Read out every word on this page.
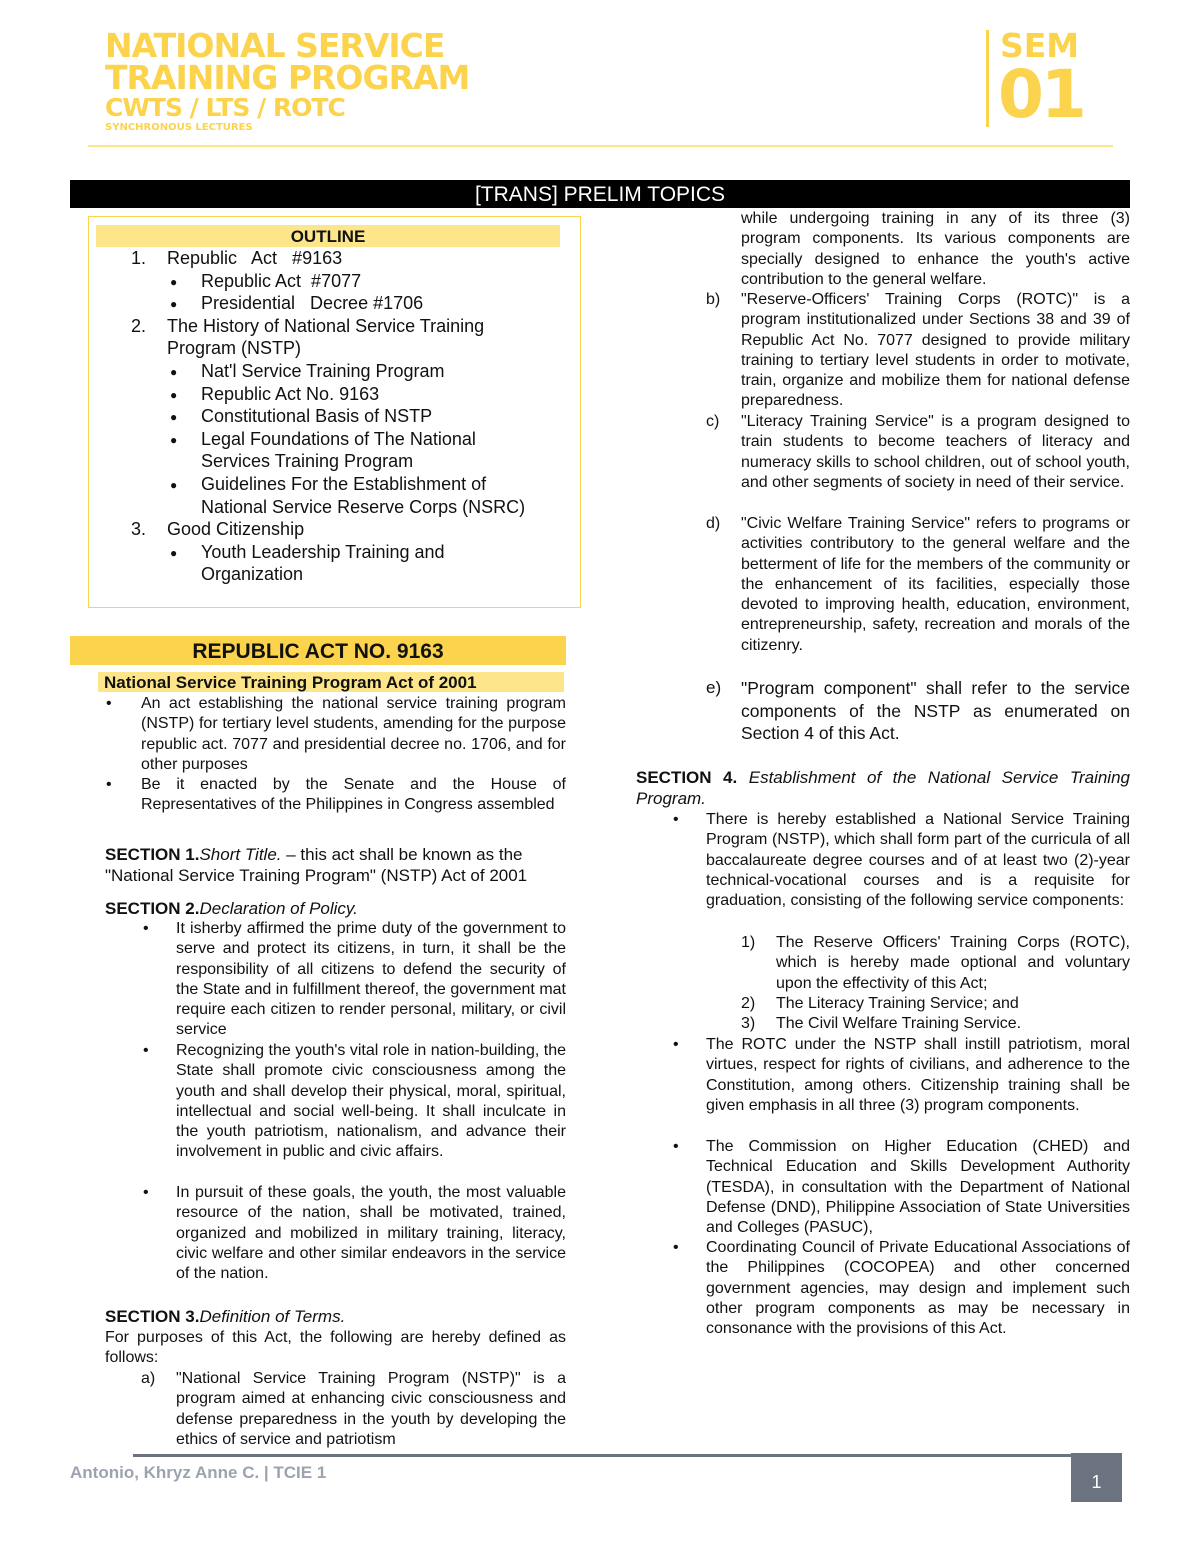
NATIONAL SERVICE
TRAINING PROGRAM
CWTS / LTS / ROTC
SYNCHRONOUS LECTURES
SEM
01
[TRANS] PRELIM TOPICS
OUTLINE
1. Republic   Act   #9163
● Republic Act  #7077
● Presidential   Decree #1706
2. The History of National Service Training
Program (NSTP)
● Nat'l Service Training Program
● Republic Act No. 9163
● Constitutional Basis of NSTP
● Legal Foundations of The National
Services Training Program
● Guidelines For the Establishment of
National Service Reserve Corps (NSRC)
3. Good Citizenship
● Youth Leadership Training and
Organization
REPUBLIC ACT NO. 9163
National Service Training Program Act of 2001
• An act establishing the national service training program (NSTP) for tertiary level students, amending for the purpose republic act. 7077 and presidential decree no. 1706, and for other purposes
• Be it enacted by the Senate and the House of Representatives of the Philippines in Congress assembled
SECTION 1.Short Title. – this act shall be known as the "National Service Training Program" (NSTP) Act of 2001
SECTION 2.Declaration of Policy.
• It isherby affirmed the prime duty of the government to serve and protect its citizens, in turn, it shall be the responsibility of all citizens to defend the security of the State and in fulfillment thereof, the government mat require each citizen to render personal, military, or civil service
• Recognizing the youth's vital role in nation-building, the State shall promote civic consciousness among the youth and shall develop their physical, moral, spiritual, intellectual and social well-being. It shall inculcate in the youth patriotism, nationalism, and advance their involvement in public and civic affairs.
• In pursuit of these goals, the youth, the most valuable resource of the nation, shall be motivated, trained, organized and mobilized in military training, literacy, civic welfare and other similar endeavors in the service of the nation.
SECTION 3.Definition of Terms.
For purposes of this Act, the following are hereby defined as follows:
a) "National Service Training Program (NSTP)" is a program aimed at enhancing civic consciousness and defense preparedness in the youth by developing the ethics of service and patriotism
while undergoing training in any of its three (3) program components. Its various components are specially designed to enhance the youth's active contribution to the general welfare.
b) "Reserve-Officers' Training Corps (ROTC)" is a program institutionalized under Sections 38 and 39 of Republic Act No. 7077 designed to provide military training to tertiary level students in order to motivate, train, organize and mobilize them for national defense preparedness.
c) "Literacy Training Service" is a program designed to train students to become teachers of literacy and numeracy skills to school children, out of school youth, and other segments of society in need of their service.
d) "Civic Welfare Training Service" refers to programs or activities contributory to the general welfare and the betterment of life for the members of the community or the enhancement of its facilities, especially those devoted to improving health, education, environment, entrepreneurship, safety, recreation and morals of the citizenry.
e) "Program component" shall refer to the service components of the NSTP as enumerated on Section 4 of this Act.
SECTION 4. Establishment of the National Service Training Program.
• There is hereby established a National Service Training Program (NSTP), which shall form part of the curricula of all baccalaureate degree courses and of at least two (2)-year technical-vocational courses and is a requisite for graduation, consisting of the following service components:
1) The Reserve Officers' Training Corps (ROTC), which is hereby made optional and voluntary upon the effectivity of this Act;
2) The Literacy Training Service; and
3) The Civil Welfare Training Service.
• The ROTC under the NSTP shall instill patriotism, moral virtues, respect for rights of civilians, and adherence to the Constitution, among others. Citizenship training shall be given emphasis in all three (3) program components.
• The Commission on Higher Education (CHED) and Technical Education and Skills Development Authority (TESDA), in consultation with the Department of National Defense (DND), Philippine Association of State Universities and Colleges (PASUC),
• Coordinating Council of Private Educational Associations of the Philippines (COCOPEA) and other concerned government agencies, may design and implement such other program components as may be necessary in consonance with the provisions of this Act.
Antonio, Khryz Anne C. | TCIE 1	1
